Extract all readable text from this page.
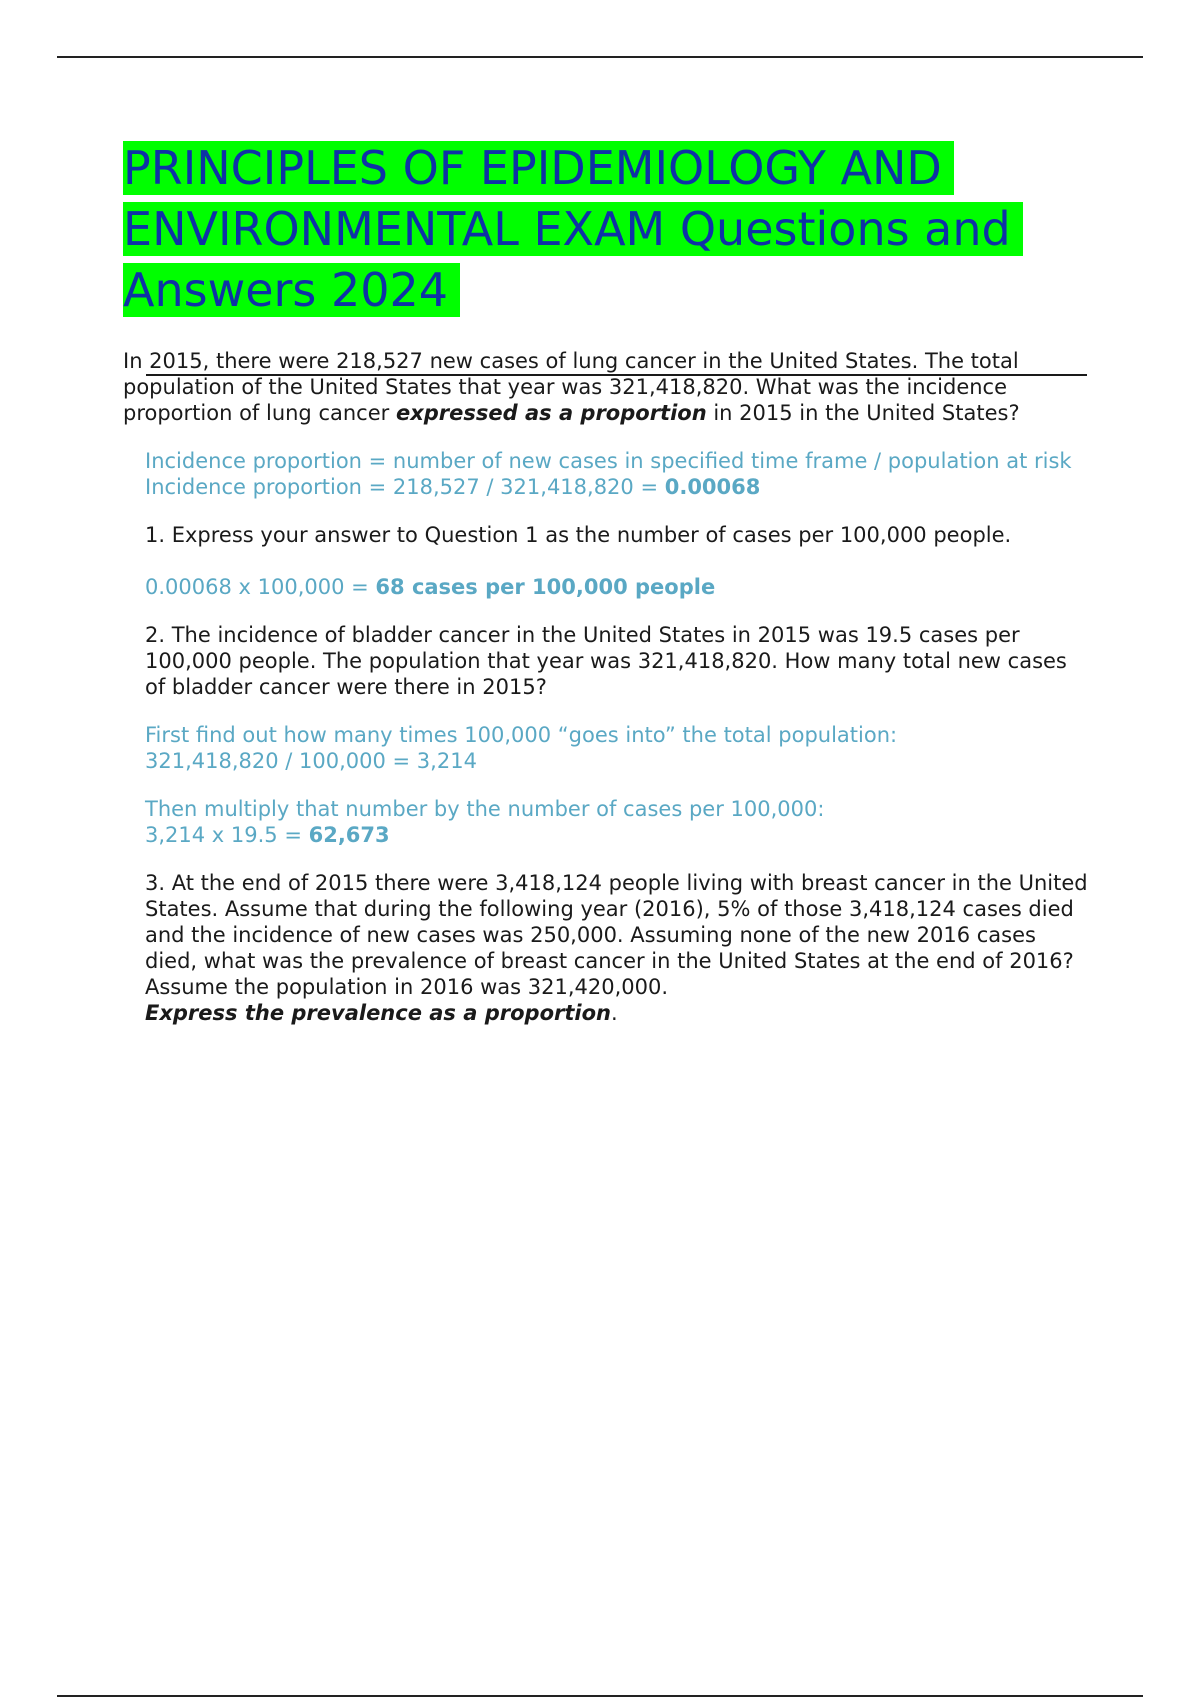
PRINCIPLES OF EPIDEMIOLOGY AND
ENVIRONMENTAL EXAM Questions and
Answers 2024

In 2015, there were 218,527 new cases of lung cancer in the United States. The total population of the United States that year was 321,418,820. What was the incidence proportion of lung cancer expressed as a proportion in 2015 in the United States?

Incidence proportion = number of new cases in specified time frame / population at risk

Incidence proportion = 218,527 / 321,418,820 = 0.00068

1. Express your answer to Question 1 as the number of cases per 100,000 people.

0.00068 x 100,000 = 68 cases per 100,000 people

2. The incidence of bladder cancer in the United States in 2015 was 19.5 cases per 100,000 people. The population that year was 321,418,820. How many total new cases of bladder cancer were there in 2015?

First find out how many times 100,000 “goes into” the total population:

321,418,820 / 100,000 = 3,214

Then multiply that number by the number of cases per 100,000:

3,214 x 19.5 = 62,673

3. At the end of 2015 there were 3,418,124 people living with breast cancer in the United States. Assume that during the following year (2016), 5% of those 3,418,124 cases died and the incidence of new cases was 250,000. Assuming none of the new 2016 cases died, what was the prevalence of breast cancer in the United States at the end of 2016? Assume the population in 2016 was 321,420,000.
Express the prevalence as a proportion.
